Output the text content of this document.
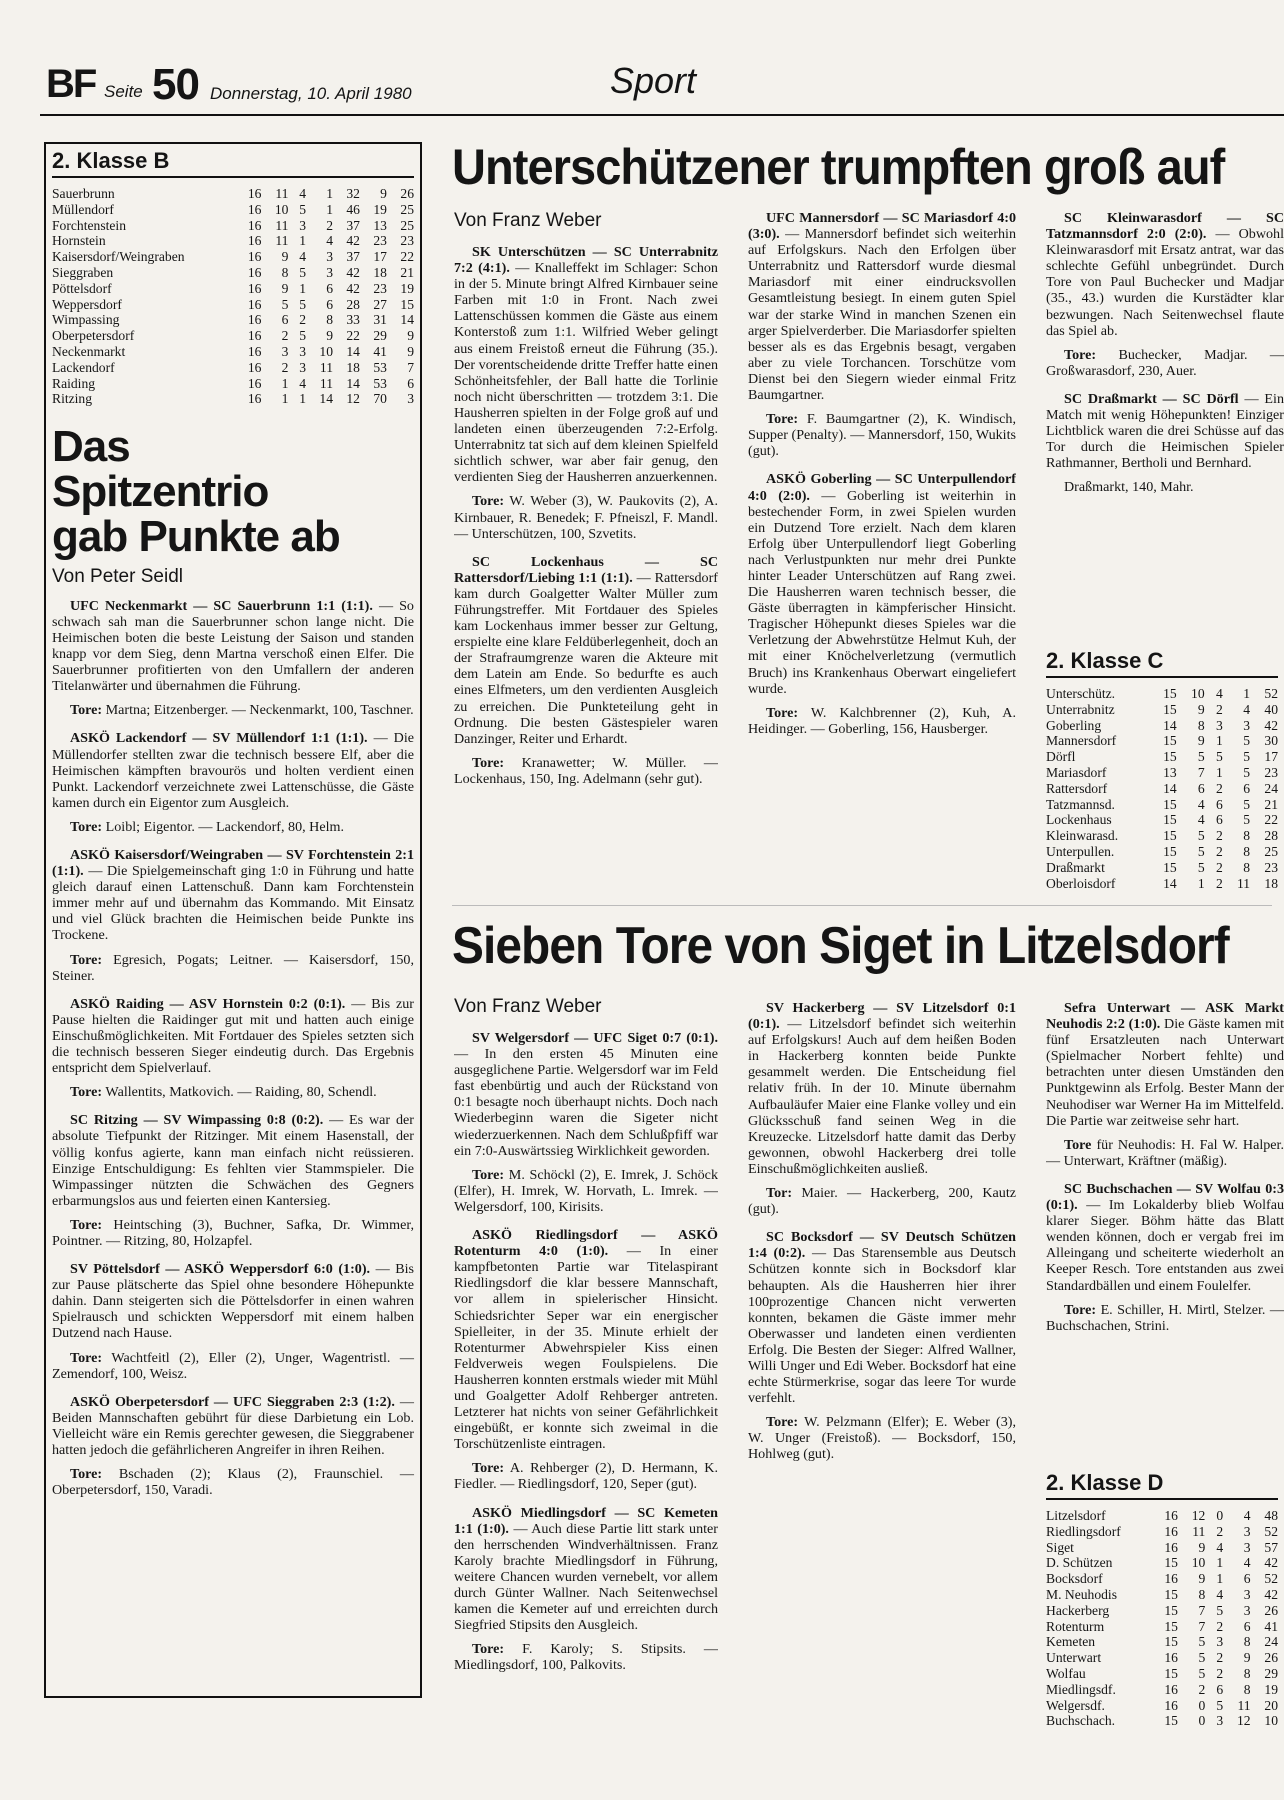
BF Seite 50 Donnerstag, 10. April 1980	Sport
2. Klasse B
Sauerbrunn	16	11	4	1	32	9	26
Müllendorf	16	10	5	1	46	19	25
Forchtenstein	16	11	3	2	37	13	25
Hornstein	16	11	1	4	42	23	23
Kaisersdorf/Weingraben	16	9	4	3	37	17	22
Sieggraben	16	8	5	3	42	18	21
Pöttelsdorf	16	9	1	6	42	23	19
Weppersdorf	16	5	5	6	28	27	15
Wimpassing	16	6	2	8	33	31	14
Oberpetersdorf	16	2	5	9	22	29	9
Neckenmarkt	16	3	3	10	14	41	9
Lackendorf	16	2	3	11	18	53	7
Raiding	16	1	4	11	14	53	6
Ritzing	16	1	1	14	12	70	3
Das Spitzentrio gab Punkte ab
Von Peter Seidl

UFC Neckenmarkt — SC Sauerbrunn 1:1 (1:1). — So schwach sah man die Sauerbrunner schon lange nicht. Die Heimischen boten die beste Leistung der Saison und standen knapp vor dem Sieg, denn Martna verschoß einen Elfer. Die Sauerbrunner profitierten von den Umfallern der anderen Titelanwärter und übernahmen die Führung.

Tore: Martna; Eitzenberger. — Neckenmarkt, 100, Taschner.

ASKÖ Lackendorf — SV Müllendorf 1:1 (1:1). — Die Müllendorfer stellten zwar die technisch bessere Elf, aber die Heimischen kämpften bravourös und holten verdient einen Punkt. Lackendorf verzeichnete zwei Lattenschüsse, die Gäste kamen durch ein Eigentor zum Ausgleich.

Tore: Loibl; Eigentor. — Lackendorf, 80, Helm.

ASKÖ Kaisersdorf/Weingraben — SV Forchtenstein 2:1 (1:1). — Die Spielgemeinschaft ging 1:0 in Führung und hatte gleich darauf einen Lattenschuß. Dann kam Forchtenstein immer mehr auf und übernahm das Kommando. Mit Einsatz und viel Glück brachten die Heimischen beide Punkte ins Trockene.

Tore: Egresich, Pogats; Leitner. — Kaisersdorf, 150, Steiner.

ASKÖ Raiding — ASV Hornstein 0:2 (0:1). — Bis zur Pause hielten die Raidinger gut mit und hatten auch einige Einschußmöglichkeiten. Mit Fortdauer des Spieles setzten sich die technisch besseren Sieger eindeutig durch. Das Ergebnis entspricht dem Spielverlauf.

Tore: Wallentits, Matkovich. — Raiding, 80, Schendl.

SC Ritzing — SV Wimpassing 0:8 (0:2). — Es war der absolute Tiefpunkt der Ritzinger. Mit einem Hasenstall, der völlig konfus agierte, kann man einfach nicht reüssieren. Einzige Entschuldigung: Es fehlten vier Stammspieler. Die Wimpassinger nützten die Schwächen des Gegners erbarmungslos aus und feierten einen Kantersieg.

Tore: Heintsching (3), Buchner, Safka, Dr. Wimmer, Pointner. — Ritzing, 80, Holzapfel.

SV Pöttelsdorf — ASKÖ Weppersdorf 6:0 (1:0). — Bis zur Pause plätscherte das Spiel ohne besondere Höhepunkte dahin. Dann steigerten sich die Pöttelsdorfer in einen wahren Spielrausch und schickten Weppersdorf mit einem halben Dutzend nach Hause.

Tore: Wachtfeitl (2), Eller (2), Unger, Wagentristl. — Zemendorf, 100, Weisz.

ASKÖ Oberpetersdorf — UFC Sieggraben 2:3 (1:2). — Beiden Mannschaften gebührt für diese Darbietung ein Lob. Vielleicht wäre ein Remis gerechter gewesen, die Sieggrabener hatten jedoch die gefährlicheren Angreifer in ihren Reihen.

Tore: Bschaden (2); Klaus (2), Fraunschiel. — Oberpetersdorf, 150, Varadi.
Unterschützener trumpften groß auf
Von Franz Weber

SK Unterschützen — SC Unterrabnitz 7:2 (4:1). — Knalleffekt im Schlager: Schon in der 5. Minute bringt Alfred Kirnbauer seine Farben mit 1:0 in Front. Nach zwei Lattenschüssen kommen die Gäste aus einem Konterstoß zum 1:1. Wilfried Weber gelingt aus einem Freistoß erneut die Führung (35.). Der vorentscheidende dritte Treffer hatte einen Schönheitsfehler, der Ball hatte die Torlinie noch nicht überschritten — trotzdem 3:1. Die Hausherren spielten in der Folge groß auf und landeten einen überzeugenden 7:2-Erfolg. Unterrabnitz tat sich auf dem kleinen Spielfeld sichtlich schwer, war aber fair genug, den verdienten Sieg der Hausherren anzuerkennen.

Tore: W. Weber (3), W. Paukovits (2), A. Kirnbauer, R. Benedek; F. Pfneiszl, F. Mandl. — Unterschützen, 100, Szvetits.

SC Lockenhaus — SC Rattersdorf/Liebing 1:1 (1:1). — Rattersdorf kam durch Goalgetter Walter Müller zum Führungstreffer. Mit Fortdauer des Spieles kam Lockenhaus immer besser zur Geltung, erspielte eine klare Feldüberlegenheit, doch an der Strafraumgrenze waren die Akteure mit dem Latein am Ende. So bedurfte es auch eines Elfmeters, um den verdienten Ausgleich zu erreichen. Die Punkteteilung geht in Ordnung. Die besten Gästespieler waren Danzinger, Reiter und Erhardt.

Tore: Kranawetter; W. Müller. — Lockenhaus, 150, Ing. Adelmann (sehr gut).

UFC Mannersdorf — SC Mariasdorf 4:0 (3:0). — Mannersdorf befindet sich weiterhin auf Erfolgskurs. Nach den Erfolgen über Unterrabnitz und Rattersdorf wurde diesmal Mariasdorf mit einer eindrucksvollen Gesamtleistung besiegt. In einem guten Spiel war der starke Wind in manchen Szenen ein arger Spielverderber. Die Mariasdorfer spielten besser als es das Ergebnis besagt, vergaben aber zu viele Torchancen. Torschütze vom Dienst bei den Siegern wieder einmal Fritz Baumgartner.

Tore: F. Baumgartner (2), K. Windisch, Supper (Penalty). — Mannersdorf, 150, Wukits (gut).

ASKÖ Goberling — SC Unterpullendorf 4:0 (2:0). — Goberling ist weiterhin in bestechender Form, in zwei Spielen wurden ein Dutzend Tore erzielt. Nach dem klaren Erfolg über Unterpullendorf liegt Goberling nach Verlustpunkten nur mehr drei Punkte hinter Leader Unterschützen auf Rang zwei. Die Hausherren waren technisch besser, die Gäste überragten in kämpferischer Hinsicht. Tragischer Höhepunkt dieses Spieles war die Verletzung der Abwehrstütze Helmut Kuh, der mit einer Knöchelverletzung (vermutlich Bruch) ins Krankenhaus Oberwart eingeliefert wurde.

Tore: W. Kalchbrenner (2), Kuh, A. Heidinger. — Goberling, 156, Hausberger.

SC Kleinwarasdorf — SC Tatzmannsdorf 2:0 (2:0). — Obwohl Kleinwarasdorf mit Ersatz antrat, war das schlechte Gefühl unbegründet. Durch Tore von Paul Buchecker und Madjar (35., 43.) wurden die Kurstädter klar bezwungen. Nach Seitenwechsel flaute das Spiel ab.

Tore: Buchecker, Madjar. — Großwarasdorf, 230, Auer.

SC Draßmarkt — SC Dörfl — Ein Match mit wenig Höhepunkten! Einziger Lichtblick waren die drei Schüsse auf das Tor durch die Heimischen Spieler Rathmanner, Bertholi und Bernhard.

Draßmarkt, 140, Mahr.
2. Klasse C
Unterschütz.	15	10	4	1	52
Unterrabnitz	15	9	2	4	40
Goberling	14	8	3	3	42
Mannersdorf	15	9	1	5	30
Dörfl	15	5	5	5	17
Mariasdorf	13	7	1	5	23
Rattersdorf	14	6	2	6	24
Tatzmannsd.	15	4	6	5	21
Lockenhaus	15	4	6	5	22
Kleinwarasd.	15	5	2	8	28
Unterpullen.	15	5	2	8	25
Draßmarkt	15	5	2	8	23
Oberloisdorf	14	1	2	11	18
Sieben Tore von Siget in Litzelsdorf
Von Franz Weber

SV Welgersdorf — UFC Siget 0:7 (0:1). — In den ersten 45 Minuten eine ausgeglichene Partie. Welgersdorf war im Feld fast ebenbürtig und auch der Rückstand von 0:1 besagte noch überhaupt nichts. Doch nach Wiederbeginn waren die Sigeter nicht wiederzuerkennen. Nach dem Schlußpfiff war ein 7:0-Auswärtssieg Wirklichkeit geworden.

Tore: M. Schöckl (2), E. Imrek, J. Schöck (Elfer), H. Imrek, W. Horvath, L. Imrek. — Welgersdorf, 100, Kirisits.

ASKÖ Riedlingsdorf — ASKÖ Rotenturm 4:0 (1:0). — In einer kampfbetonten Partie war Titelaspirant Riedlingsdorf die klar bessere Mannschaft, vor allem in spielerischer Hinsicht. Schiedsrichter Seper war ein energischer Spielleiter, in der 35. Minute erhielt der Rotenturmer Abwehrspieler Kiss einen Feldverweis wegen Foulspielens. Die Hausherren konnten erstmals wieder mit Mühl und Goalgetter Adolf Rehberger antreten. Letzterer hat nichts von seiner Gefährlichkeit eingebüßt, er konnte sich zweimal in die Torschützenliste eintragen.

Tore: A. Rehberger (2), D. Hermann, K. Fiedler. — Riedlingsdorf, 120, Seper (gut).

ASKÖ Miedlingsdorf — SC Kemeten 1:1 (1:0). — Auch diese Partie litt stark unter den herrschenden Windverhältnissen. Franz Karoly brachte Miedlingsdorf in Führung, weitere Chancen wurden vernebelt, vor allem durch Günter Wallner. Nach Seitenwechsel kamen die Kemeter auf und erreichten durch Siegfried Stipsits den Ausgleich.

Tore: F. Karoly; S. Stipsits. — Miedlingsdorf, 100, Palkovits.

SV Hackerberg — SV Litzelsdorf 0:1 (0:1). — Litzelsdorf befindet sich weiterhin auf Erfolgskurs! Auch auf dem heißen Boden in Hackerberg konnten beide Punkte gesammelt werden. Die Entscheidung fiel relativ früh. In der 10. Minute übernahm Aufbauläufer Maier eine Flanke volley und ein Glücksschuß fand seinen Weg in die Kreuzecke. Litzelsdorf hatte damit das Derby gewonnen, obwohl Hackerberg drei tolle Einschußmöglichkeiten ausließ.

Tor: Maier. — Hackerberg, 200, Kautz (gut).

SC Bocksdorf — SV Deutsch Schützen 1:4 (0:2). — Das Starensemble aus Deutsch Schützen konnte sich in Bocksdorf klar behaupten. Als die Hausherren hier ihrer 100prozentige Chancen nicht verwerten konnten, bekamen die Gäste immer mehr Oberwasser und landeten einen verdienten Erfolg. Die Besten der Sieger: Alfred Wallner, Willi Unger und Edi Weber. Bocksdorf hat eine echte Stürmerkrise, sogar das leere Tor wurde verfehlt.

Tore: W. Pelzmann (Elfer); E. Weber (3), W. Unger (Freistoß). — Bocksdorf, 150, Hohlweg (gut).

Sefra Unterwart — ASK Markt Neuhodis 2:2 (1:0). Die Gäste kamen mit fünf Ersatzleuten nach Unterwart (Spielmacher Norbert fehlte) und betrachten unter diesen Umständen den Punktgewinn als Erfolg. Bester Mann der Neuhodiser war Werner Ha im Mittelfeld. Die Partie war zeitweise sehr hart.

Tore für Neuhodis: H. Fal W. Halper. — Unterwart, Kräftner (mäßig).

SC Buchschachen — SV Wolfau 0:3 (0:1). — Im Lokalderby blieb Wolfau klarer Sieger. Böhm hätte das Blatt wenden können, doch er vergab frei im Alleingang und scheiterte wiederholt an Keeper Resch. Tore entstanden aus zwei Standardbällen und einem Foulelfer.

Tore: E. Schiller, H. Mirtl, Stelzer. — Buchschachen, Strini.
2. Klasse D
Litzelsdorf	16	12	0	4	48
Riedlingsdorf	16	11	2	3	52
Siget	16	9	4	3	57
D. Schützen	15	10	1	4	42
Bocksdorf	16	9	1	6	52
M. Neuhodis	15	8	4	3	42
Hackerberg	15	7	5	3	26
Rotenturm	15	7	2	6	41
Kemeten	15	5	3	8	24
Unterwart	16	5	2	9	26
Wolfau	15	5	2	8	29
Miedlingsdf.	16	2	6	8	19
Welgersdf.	16	0	5	11	20
Buchschach.	15	0	3	12	10
